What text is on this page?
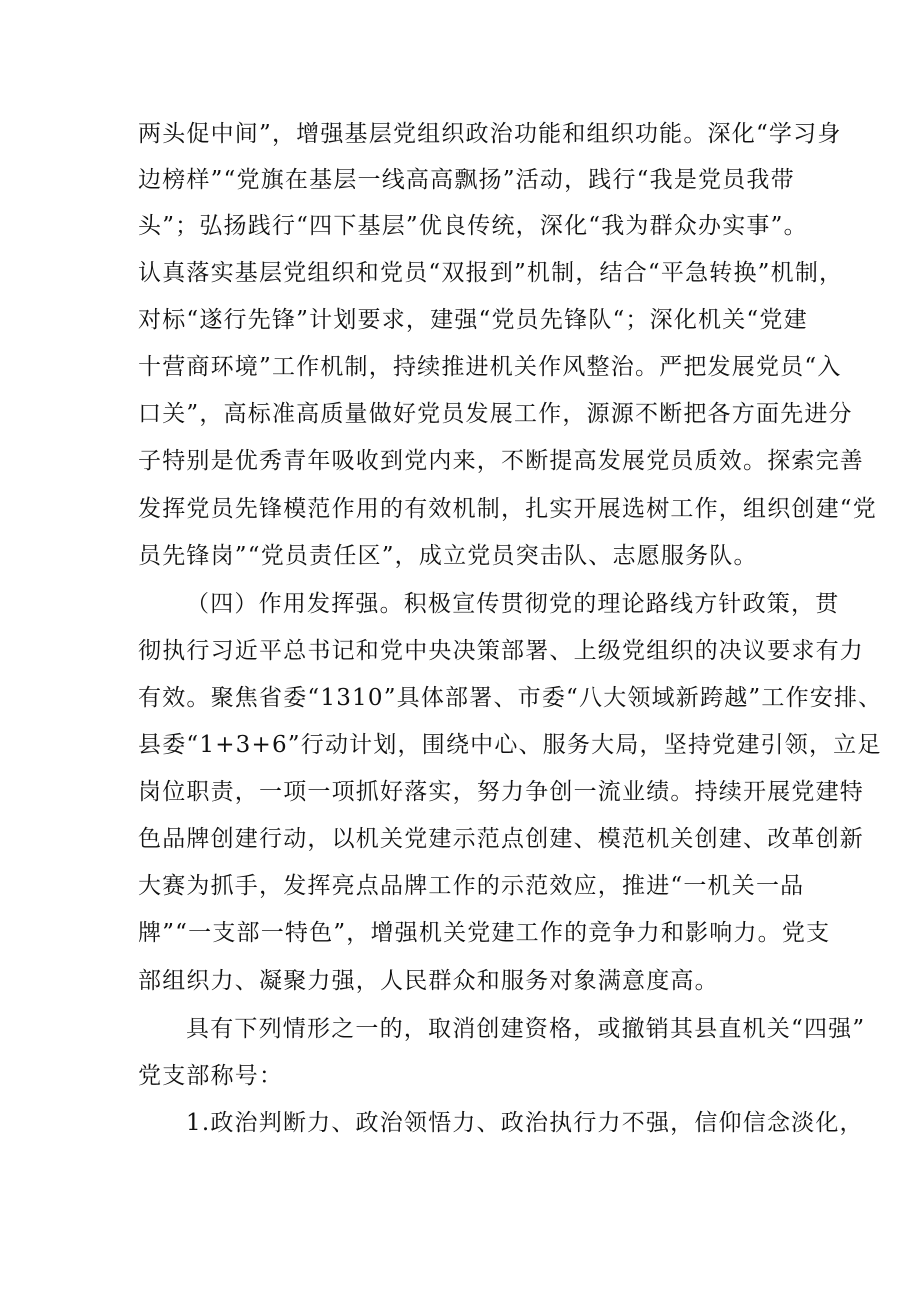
两头促中间”，增强基层党组织政治功能和组织功能。深化“学习身
边榜样”“党旗在基层一线高高飘扬”活动，践行“我是党员我带
头”；弘扬践行“四下基层”优良传统，深化“我为群众办实事”。
认真落实基层党组织和党员“双报到”机制，结合“平急转换”机制，
对标“遂行先锋”计划要求，建强“党员先锋队“；深化机关“党建
十营商环境”工作机制，持续推进机关作风整治。严把发展党员“入
口关”，高标准高质量做好党员发展工作，源源不断把各方面先进分
子特别是优秀青年吸收到党内来，不断提高发展党员质效。探索完善
发挥党员先锋模范作用的有效机制，扎实开展选树工作，组织创建“党
员先锋岗”“党员责任区”，成立党员突击队、志愿服务队。
（四）作用发挥强。积极宣传贯彻党的理论路线方针政策，贯
彻执行习近平总书记和党中央决策部署、上级党组织的决议要求有力
有效。聚焦省委“1310”具体部署、市委“八大领域新跨越”工作安排、
县委“1+3+6”行动计划，围绕中心、服务大局，坚持党建引领，立足
岗位职责，一项一项抓好落实，努力争创一流业绩。持续开展党建特
色品牌创建行动，以机关党建示范点创建、模范机关创建、改革创新
大赛为抓手，发挥亮点品牌工作的示范效应，推进“一机关一品
牌”“一支部一特色”，增强机关党建工作的竞争力和影响力。党支
部组织力、凝聚力强，人民群众和服务对象满意度高。
具有下列情形之一的，取消创建资格，或撤销其县直机关“四强”
党支部称号：
1.政治判断力、政治领悟力、政治执行力不强，信仰信念淡化，
